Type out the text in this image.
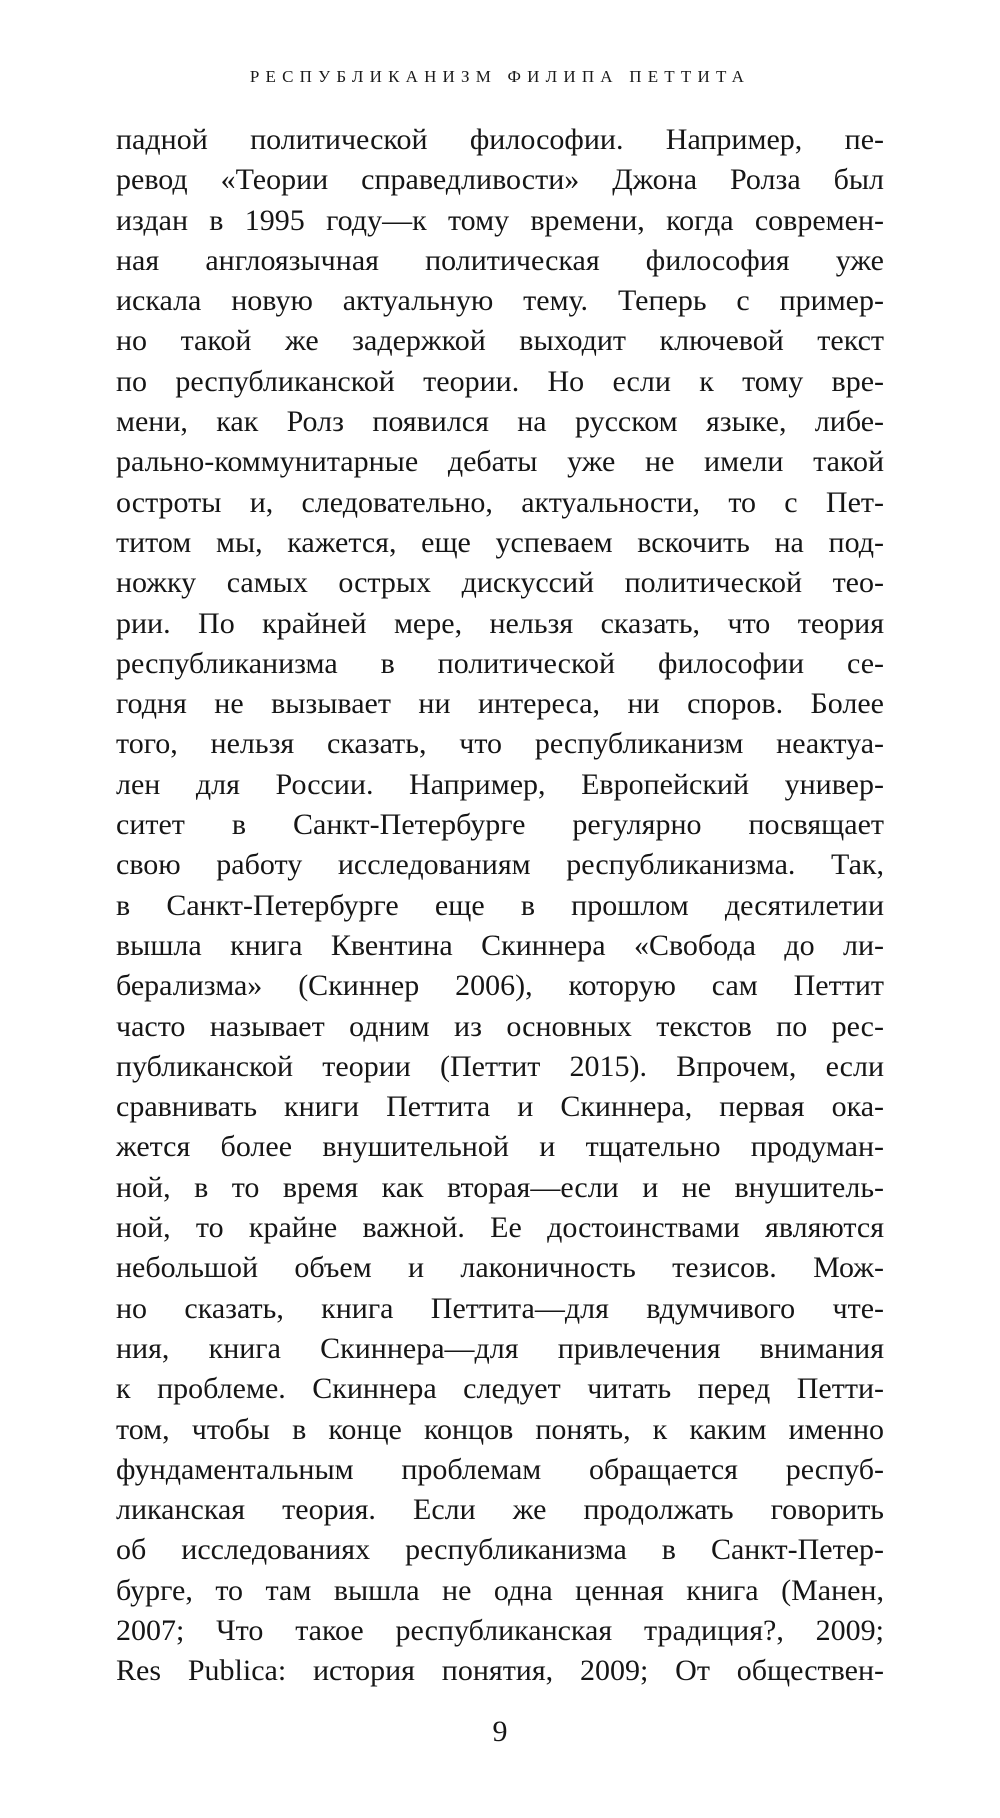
РЕСПУБЛИКАНИЗМ ФИЛИПА ПЕТТИТА
падной политической философии. Например, пе-
ревод «Теории справедливости» Джона Ролза был
издан в 1995 году—к тому времени, когда современ-
ная англоязычная политическая философия уже
искала новую актуальную тему. Теперь с пример-
но такой же задержкой выходит ключевой текст
по республиканской теории. Но если к тому вре-
мени, как Ролз появился на русском языке, либе-
рально-коммунитарные дебаты уже не имели такой
остроты и, следовательно, актуальности, то с Пет-
титом мы, кажется, еще успеваем вскочить на под-
ножку самых острых дискуссий политической тео-
рии. По крайней мере, нельзя сказать, что теория
республиканизма в политической философии се-
годня не вызывает ни интереса, ни споров. Более
того, нельзя сказать, что республиканизм неактуа-
лен для России. Например, Европейский универ-
ситет в Санкт-Петербурге регулярно посвящает
свою работу исследованиям республиканизма. Так,
в Санкт-Петербурге еще в прошлом десятилетии
вышла книга Квентина Скиннера «Свобода до ли-
берализма» (Скиннер 2006), которую сам Петтит
часто называет одним из основных текстов по рес-
публиканской теории (Петтит 2015). Впрочем, если
сравнивать книги Петтита и Скиннера, первая ока-
жется более внушительной и тщательно продуман-
ной, в то время как вторая—если и не внушитель-
ной, то крайне важной. Ее достоинствами являются
небольшой объем и лаконичность тезисов. Мож-
но сказать, книга Петтита—для вдумчивого чте-
ния, книга Скиннера—для привлечения внимания
к проблеме. Скиннера следует читать перед Петти-
том, чтобы в конце концов понять, к каким именно
фундаментальным проблемам обращается респуб-
ликанская теория. Если же продолжать говорить
об исследованиях республиканизма в Санкт-Петер-
бурге, то там вышла не одна ценная книга (Манен,
2007; Что такое республиканская традиция?, 2009;
Res Publica: история понятия, 2009; От обществен-
9
